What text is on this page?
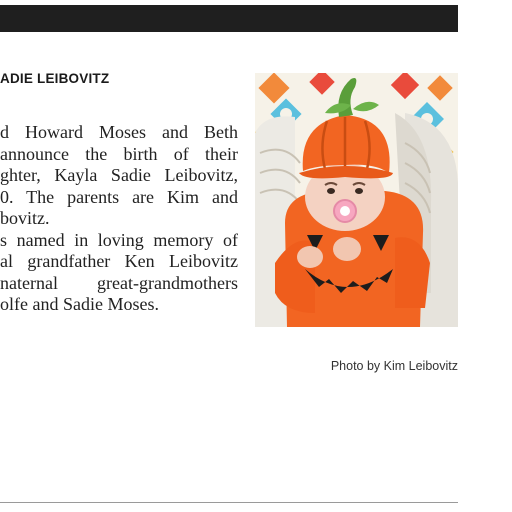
ADIE LEIBOVITZ
d Howard Moses and Beth
announce the birth of their
ghter, Kayla Sadie Leibovitz,
0. The parents are Kim and
bovitz.
s named in loving memory of
al grandfather Ken Leibovitz
naternal great-grandmothers
olfe and Sadie Moses.
Photo by Kim Leibovitz
